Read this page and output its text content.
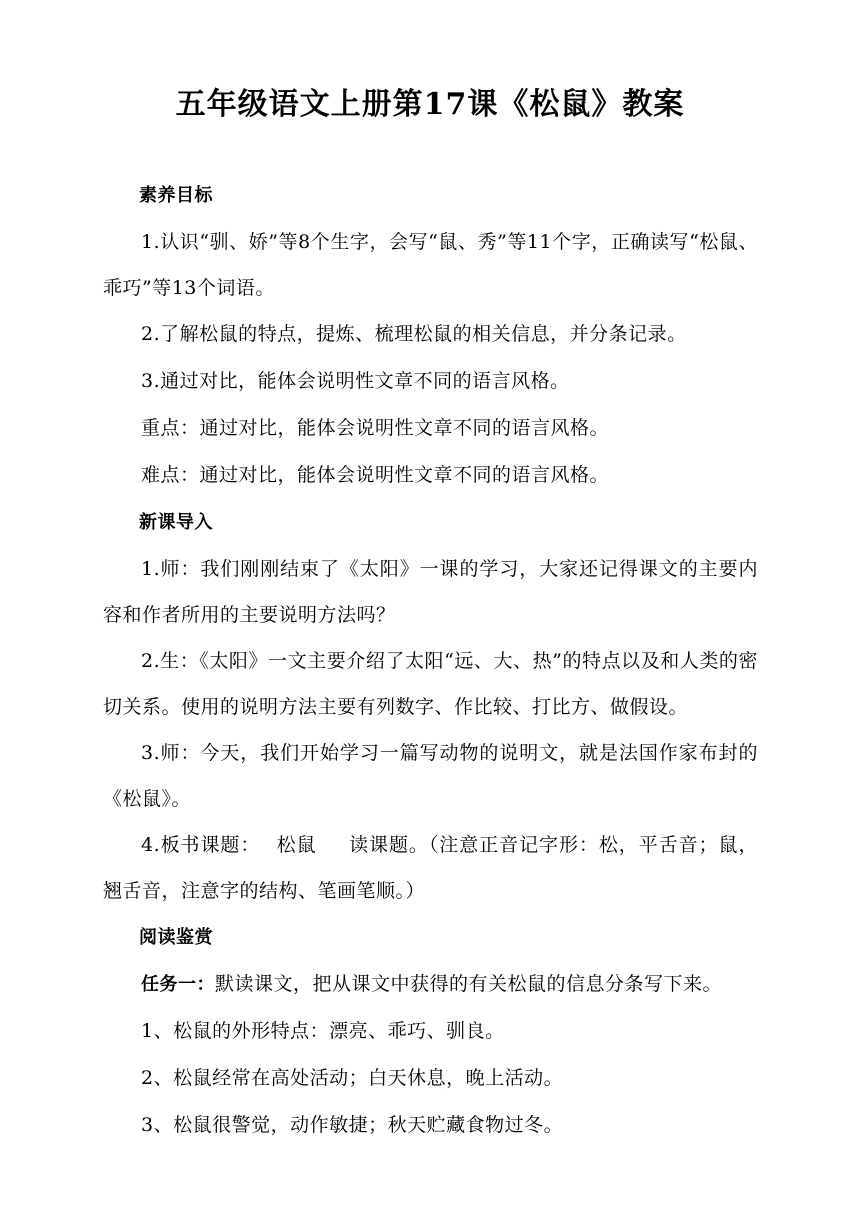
五年级语文上册第17课《松鼠》教案

素养目标

1.认识“驯、娇”等8个生字，会写“鼠、秀”等11个字，正确读写“松鼠、乖巧”等13个词语。

2.了解松鼠的特点，提炼、梳理松鼠的相关信息，并分条记录。

3.通过对比，能体会说明性文章不同的语言风格。

重点：通过对比，能体会说明性文章不同的语言风格。

难点：通过对比，能体会说明性文章不同的语言风格。

新课导入

1.师：我们刚刚结束了《太阳》一课的学习，大家还记得课文的主要内容和作者所用的主要说明方法吗？

2.生：《太阳》一文主要介绍了太阳“远、大、热”的特点以及和人类的密切关系。使用的说明方法主要有列数字、作比较、打比方、做假设。

3.师：今天，我们开始学习一篇写动物的说明文，就是法国作家布封的《松鼠》。

4.板书课题： 松鼠 读课题。（注意正音记字形：松，平舌音；鼠，翘舌音，注意字的结构、笔画笔顺。）

阅读鉴赏

任务一：默读课文，把从课文中获得的有关松鼠的信息分条写下来。

1、松鼠的外形特点：漂亮、乖巧、驯良。

2、松鼠经常在高处活动；白天休息，晚上活动。

3、松鼠很警觉，动作敏捷；秋天贮藏食物过冬。
